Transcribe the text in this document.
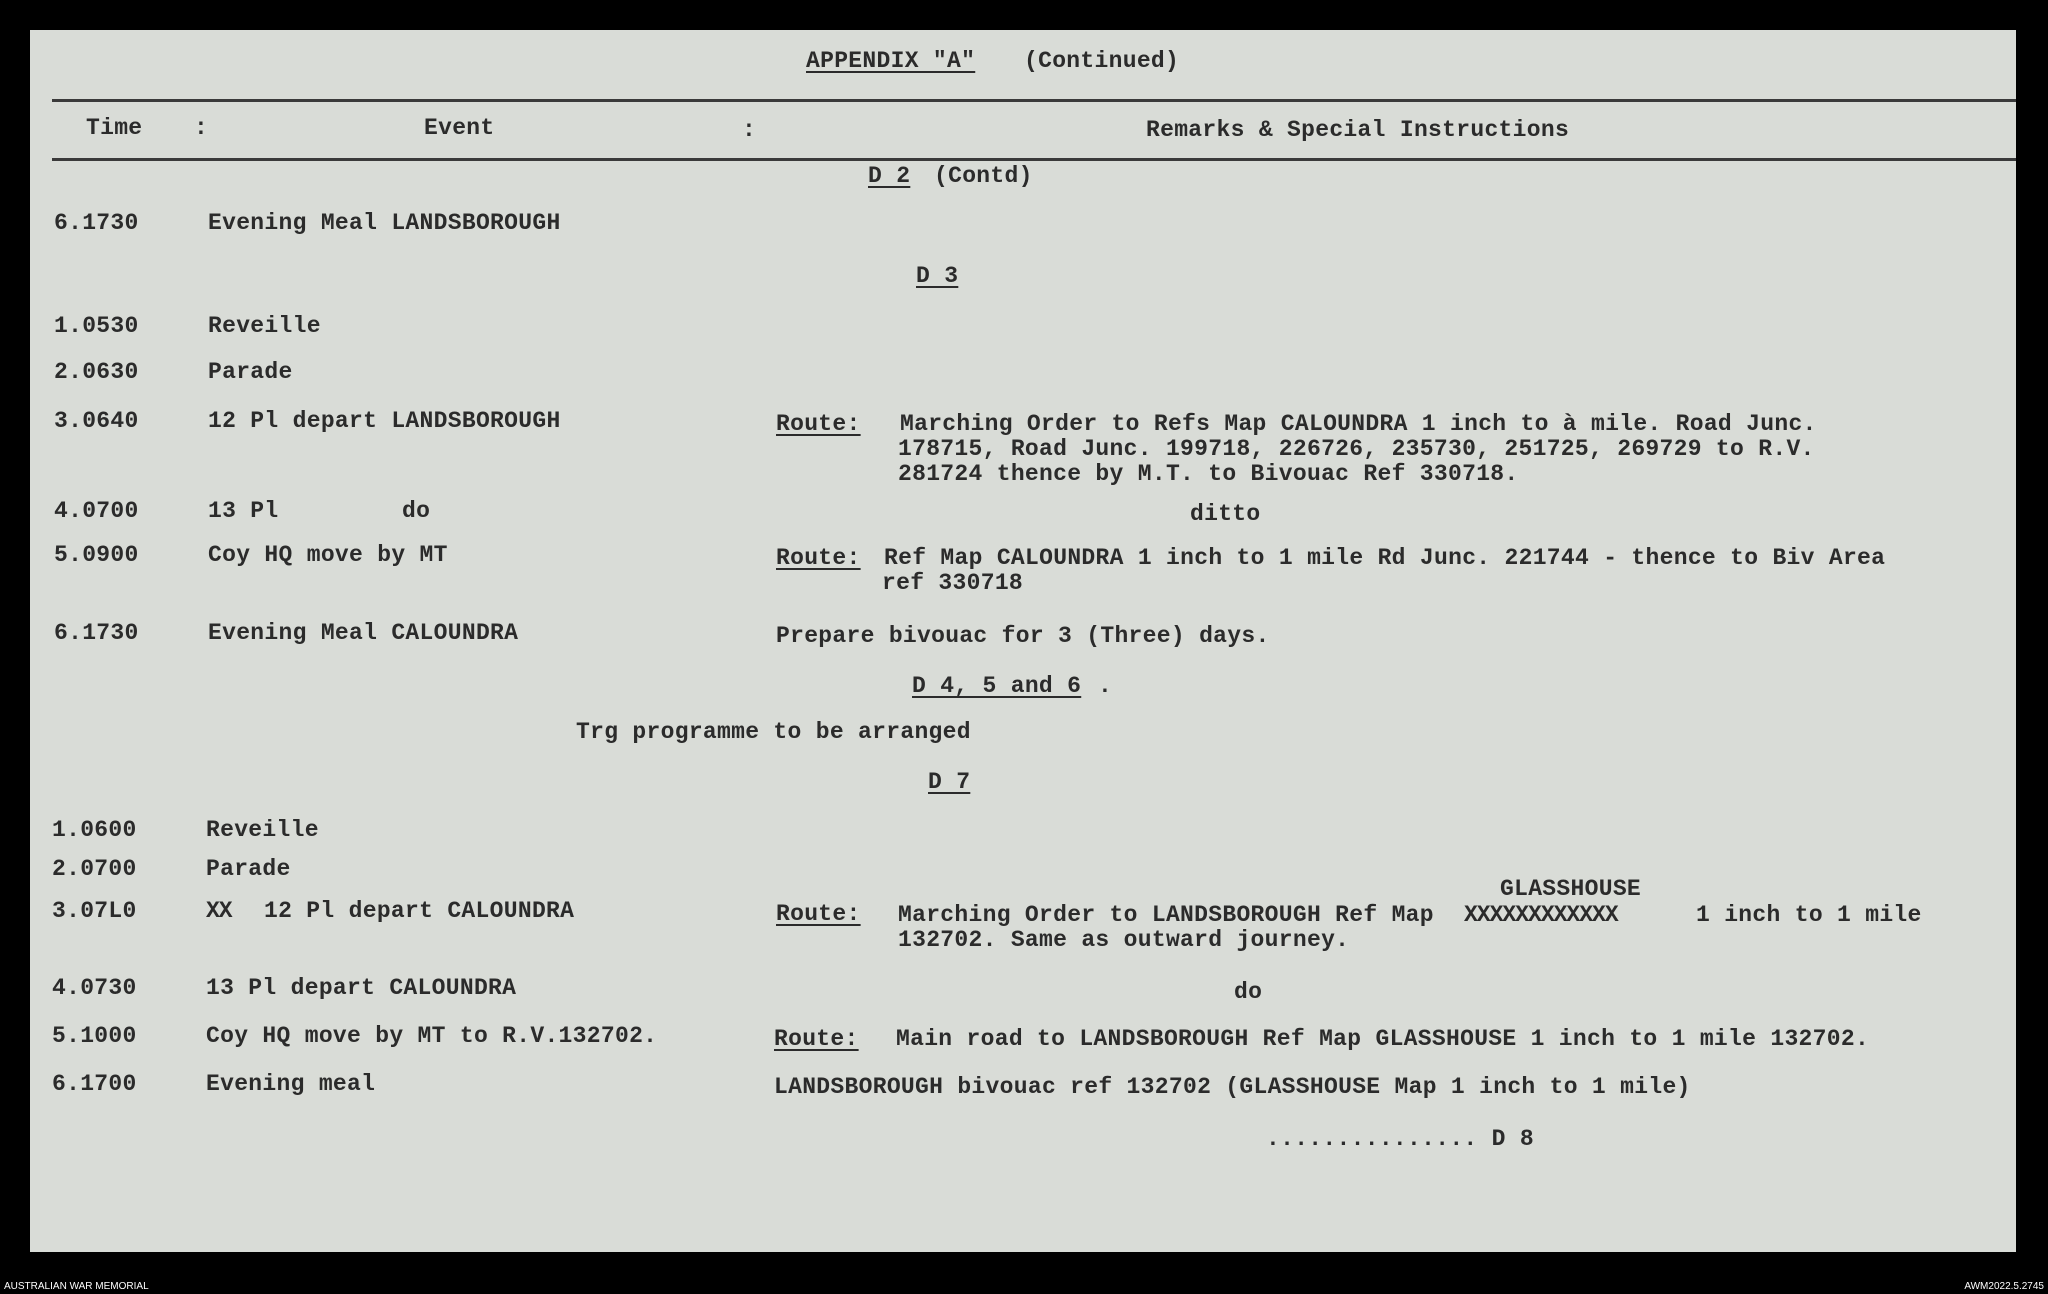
APPENDIX "A" (Continued)
Time :	Event	:	Remarks & Special Instructions
D 2 (Contd)
6.1730	Evening Meal LANDSBOROUGH
D 3
1.0530	Reveille
2.0630	Parade
3.0640	12 Pl depart LANDSBOROUGH	Route: Marching Order to Refs Map CALOUNDRA 1 inch to à mile. Road Junc.
178715, Road Junc. 199718, 226726, 235730, 251725, 269729 to R.V.
281724 thence by M.T. to Bivouac Ref 330718.
4.0700	13 Pl	do	ditto
5.0900	Coy HQ move by MT	Route: Ref Map CALOUNDRA 1 inch to 1 mile Rd Junc. 221744 - thence to Biv Area
ref 330718
6.1730	Evening Meal CALOUNDRA	Prepare bivouac for 3 (Three) days.
D 4, 5 and 6 .
Trg programme to be arranged
D 7
1.0600	Reveille
2.0700	Parade
GLASSHOUSE
3.07L0	XX 12 Pl depart CALOUNDRA	Route: Marching Order to LANDSBOROUGH Ref Map XXXXXXXXXXXX	1 inch to 1 mile
132702. Same as outward journey.
4.0730	13 Pl depart CALOUNDRA	do
5.1000	Coy HQ move by MT to R.V.132702.	Route: Main road to LANDSBOROUGH Ref Map GLASSHOUSE 1 inch to 1 mile 132702.
6.1700	Evening meal	LANDSBOROUGH bivouac ref 132702 (GLASSHOUSE Map 1 inch to 1 mile)
............... D 8
AUSTRALIAN WAR MEMORIAL	AWM2022.5.2745
